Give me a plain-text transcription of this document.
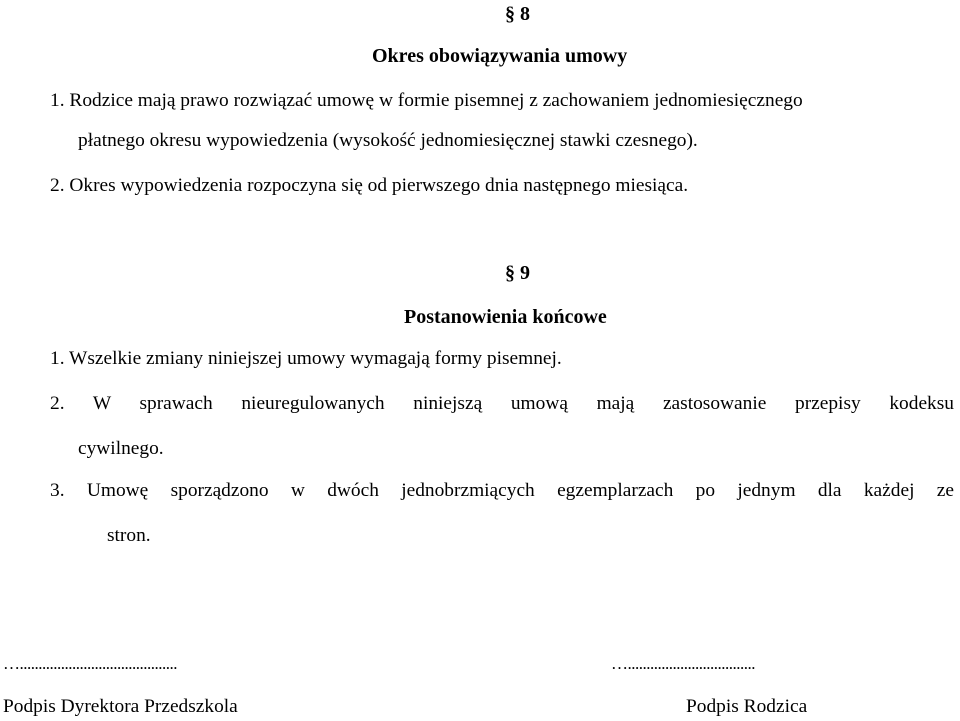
§ 8
Okres obowiązywania umowy
1. Rodzice mają prawo rozwiązać umowę w formie pisemnej z zachowaniem jednomiesięcznego
płatnego okresu wypowiedzenia (wysokość jednomiesięcznej stawki czesnego).
2. Okres wypowiedzenia rozpoczyna się od pierwszego dnia następnego miesiąca.
§ 9
Postanowienia końcowe
1. Wszelkie zmiany niniejszej umowy wymagają formy pisemnej.
2. W sprawach nieuregulowanych niniejszą umową mają zastosowanie przepisy kodeksu
cywilnego.
3. Umowę sporządzono w dwóch jednobrzmiących egzemplarzach po jednym dla każdej ze
stron.
…..........................................
Podpis Dyrektora Przedszkola
…..................................
Podpis Rodzica
